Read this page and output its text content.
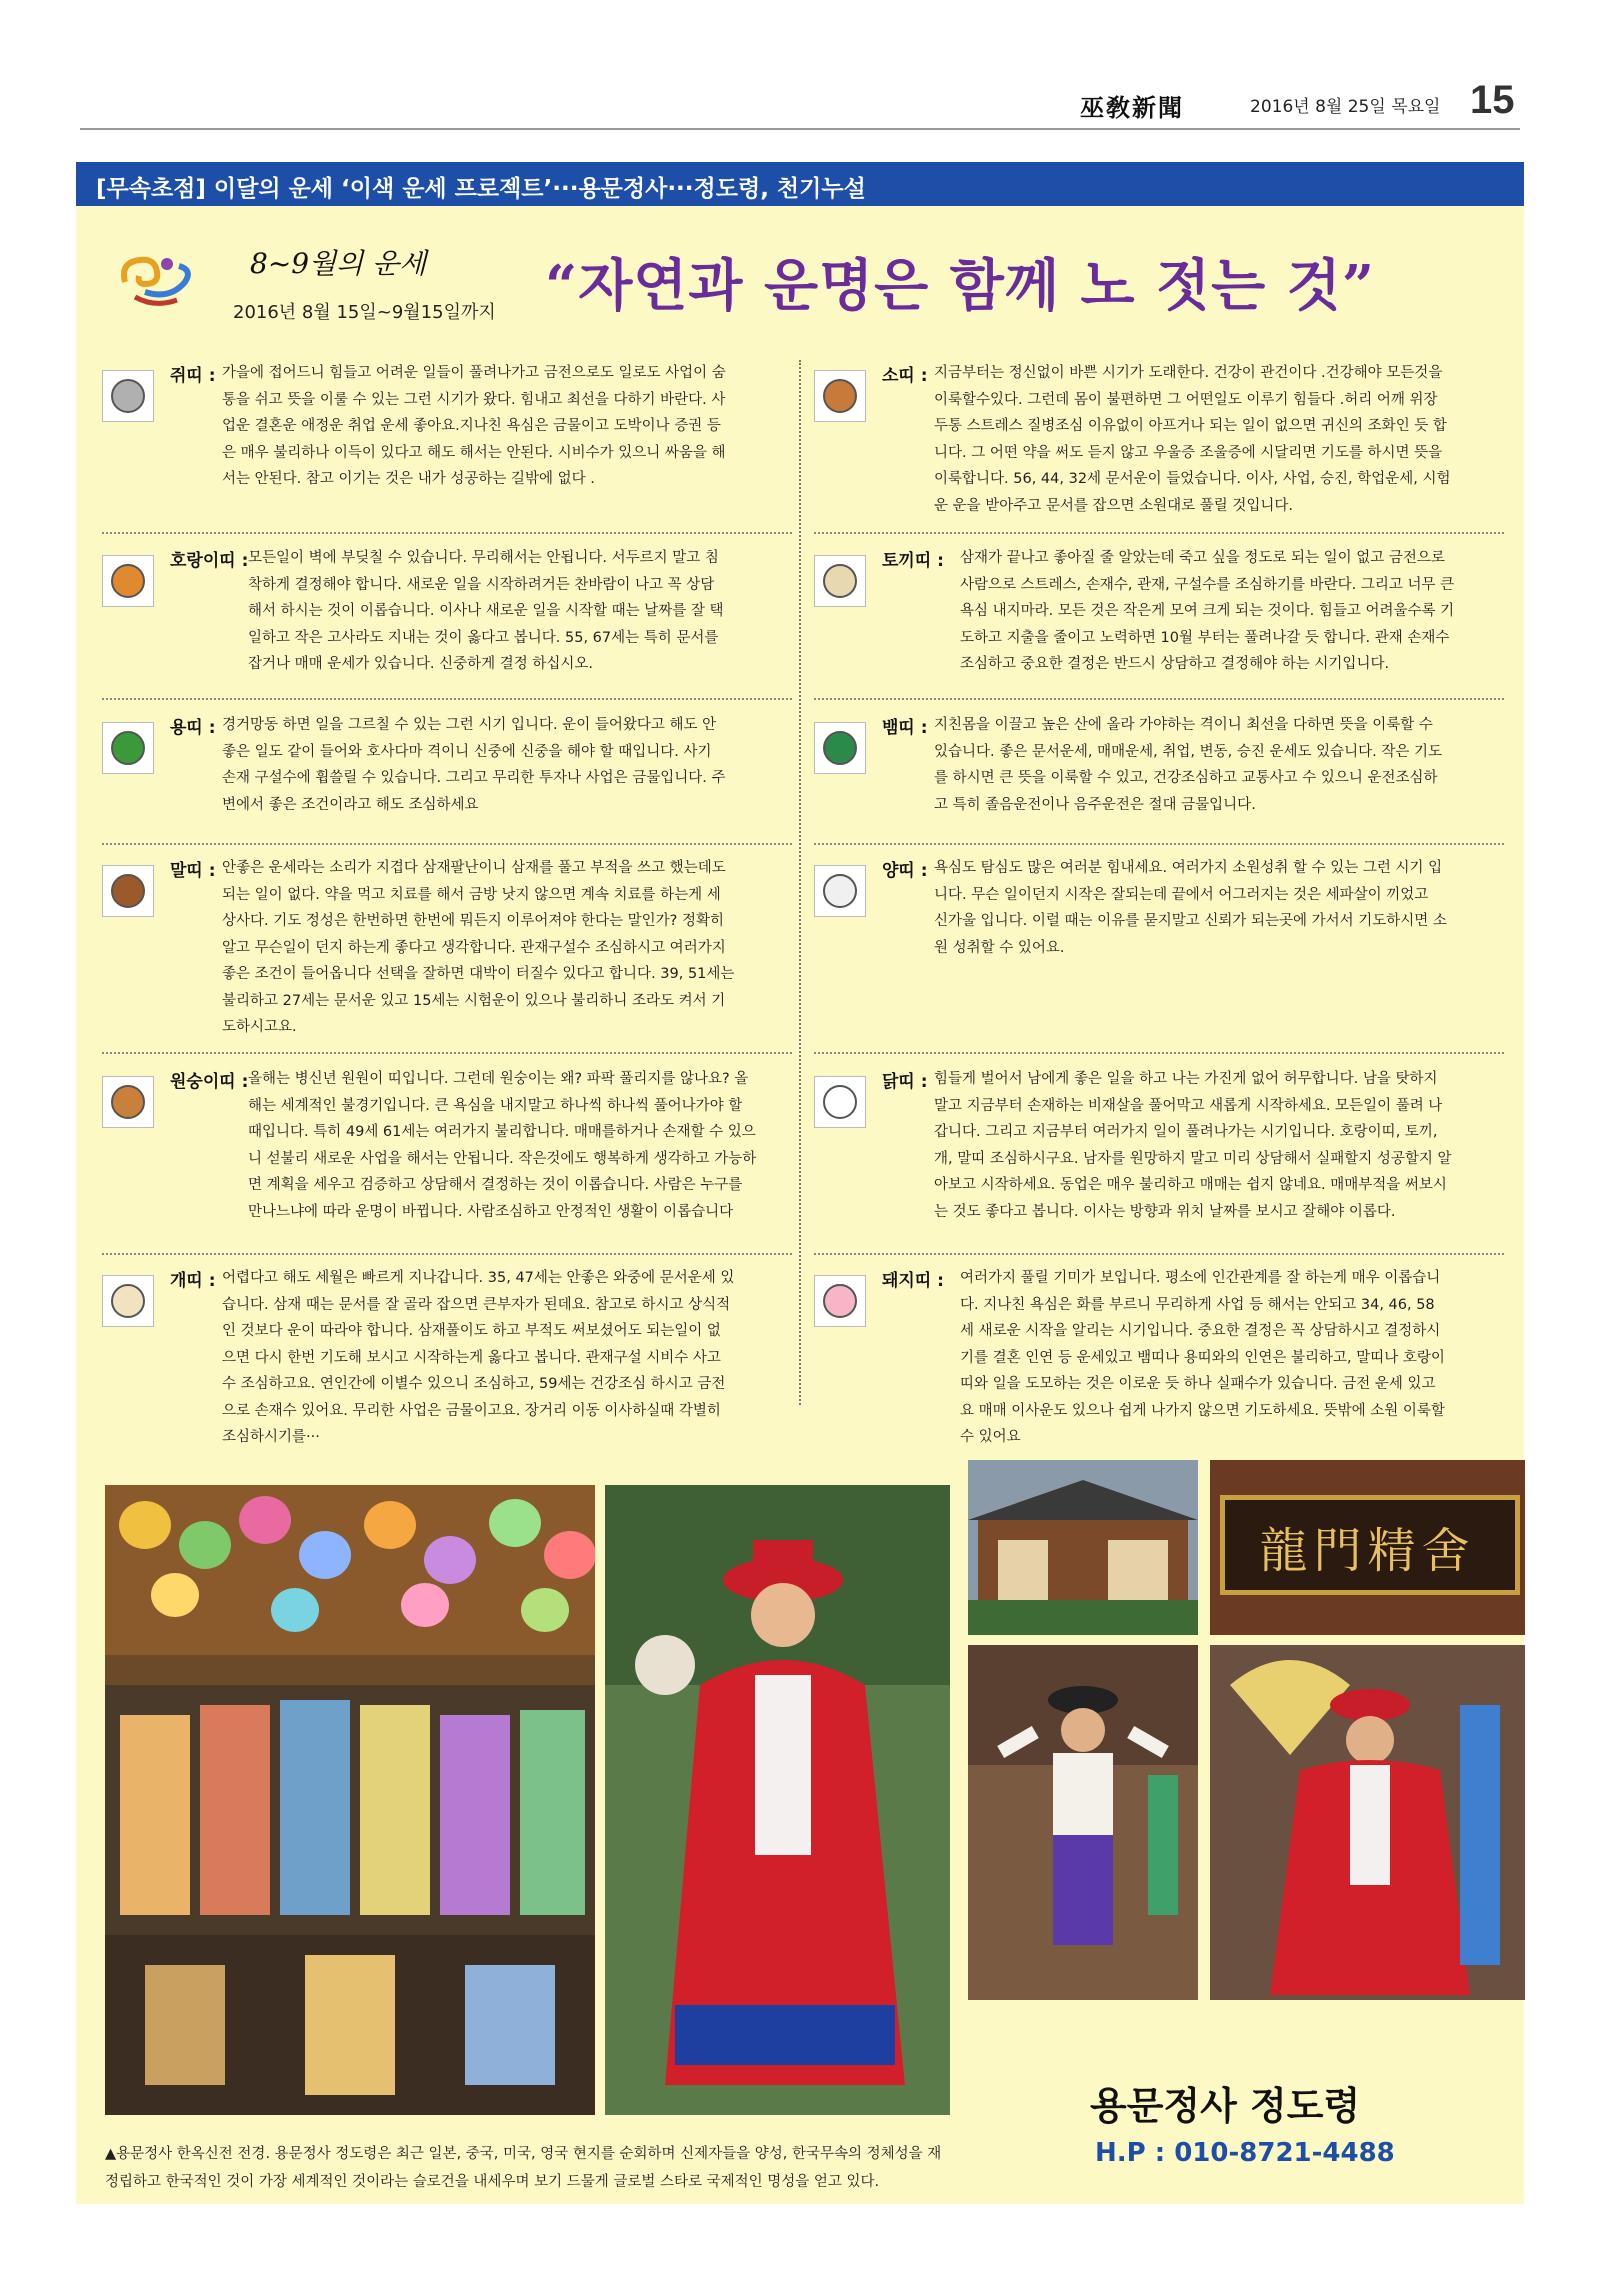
巫敎新聞	2016년 8월 25일 목요일 15
[무속초점] 이달의 운세 ‘이색 운세 프로젝트’···용문정사···정도령, 천기누설
8~9월의 운세
2016년 8월 15일~9월15일까지 “자연과 운명은 함께 노 젓는 것”
쥐띠 : 가을에 접어드니 힘들고 어려운 일들이 풀려나가고 금전으로도 일로도 사업이 숨
통을 쉬고 뜻을 이룰 수 있는 그런 시기가 왔다. 힘내고 최선을 다하기 바란다. 사
업운 결혼운 애정운 취업 운세 좋아요.지나친 욕심은 금물이고 도박이나 증권 등
은 매우 불리하나 이득이 있다고 해도 해서는 안된다. 시비수가 있으니 싸움을 해
서는 안된다. 참고 이기는 것은 내가 성공하는 길밖에 없다 .
소띠 : 지금부터는 정신없이 바쁜 시기가 도래한다. 건강이 관건이다 .건강해야 모든것을
이룩할수있다. 그런데 몸이 불편하면 그 어떤일도 이루기 힘들다 .허리 어깨 위장
두통 스트레스 질병조심 이유없이 아프거나 되는 일이 없으면 귀신의 조화인 듯 합
니다. 그 어떤 약을 써도 듣지 않고 우울증 조울증에 시달리면 기도를 하시면 뜻을
이룩합니다. 56, 44, 32세 문서운이 들었습니다. 이사, 사업, 승진, 학업운세, 시험
운 운을 받아주고 문서를 잡으면 소원대로 풀릴 것입니다.
호랑이띠 : 모든일이 벽에 부딪칠 수 있습니다. 무리해서는 안됩니다. 서두르지 말고 침
착하게 결정해야 합니다. 새로운 일을 시작하려거든 찬바람이 나고 꼭 상담
해서 하시는 것이 이롭습니다. 이사나 새로운 일을 시작할 때는 날짜를 잘 택
일하고 작은 고사라도 지내는 것이 옳다고 봅니다. 55, 67세는 특히 문서를
잡거나 매매 운세가 있습니다. 신중하게 결정 하십시오.
토끼띠 : 삼재가 끝나고 좋아질 줄 알았는데 죽고 싶을 정도로 되는 일이 없고 금전으로
사람으로 스트레스, 손재수, 관재, 구설수를 조심하기를 바란다. 그리고 너무 큰
욕심 내지마라. 모든 것은 작은게 모여 크게 되는 것이다. 힘들고 어려울수록 기
도하고 지출을 줄이고 노력하면 10월 부터는 풀려나갈 듯 합니다. 관재 손재수
조심하고 중요한 결정은 반드시 상담하고 결정해야 하는 시기입니다.
용띠 : 경거망동 하면 일을 그르칠 수 있는 그런 시기 입니다. 운이 들어왔다고 해도 안
좋은 일도 같이 들어와 호사다마 격이니 신중에 신중을 해야 할 때입니다. 사기
손재 구설수에 휩쓸릴 수 있습니다. 그리고 무리한 투자나 사업은 금물입니다. 주
변에서 좋은 조건이라고 해도 조심하세요
뱀띠 : 지친몸을 이끌고 높은 산에 올라 가야하는 격이니 최선을 다하면 뜻을 이룩할 수
있습니다. 좋은 문서운세, 매매운세, 취업, 변동, 승진 운세도 있습니다. 작은 기도
를 하시면 큰 뜻을 이룩할 수 있고, 건강조심하고 교통사고 수 있으니 운전조심하
고 특히 졸음운전이나 음주운전은 절대 금물입니다.
말띠 : 안좋은 운세라는 소리가 지겹다 삼재팔난이니 삼재를 풀고 부적을 쓰고 했는데도
되는 일이 없다. 약을 먹고 치료를 해서 금방 낫지 않으면 계속 치료를 하는게 세
상사다. 기도 정성은 한번하면 한번에 뭐든지 이루어져야 한다는 말인가? 정확히
알고 무슨일이 던지 하는게 좋다고 생각합니다. 관재구설수 조심하시고 여러가지
좋은 조건이 들어옵니다 선택을 잘하면 대박이 터질수 있다고 합니다. 39, 51세는
불리하고 27세는 문서운 있고 15세는 시험운이 있으나 불리하니 조라도 켜서 기
도하시고요.
양띠 : 욕심도 탐심도 많은 여러분 힘내세요. 여러가지 소원성취 할 수 있는 그런 시기 입
니다. 무슨 일이던지 시작은 잘되는데 끝에서 어그러지는 것은 세파살이 끼었고
신가울 입니다. 이럴 때는 이유를 묻지말고 신뢰가 되는곳에 가서서 기도하시면 소
원 성취할 수 있어요.
원숭이띠 : 올해는 병신년 원원이 띠입니다. 그런데 원숭이는 왜? 파팍 풀리지를 않나요? 올
해는 세계적인 불경기입니다. 큰 욕심을 내지말고 하나씩 하나씩 풀어나가야 할
때입니다. 특히 49세 61세는 여러가지 불리합니다. 매매를하거나 손재할 수 있으
니 섣불리 새로운 사업을 해서는 안됩니다. 작은것에도 행복하게 생각하고 가능하
면 계획을 세우고 검증하고 상담해서 결정하는 것이 이롭습니다. 사람은 누구를
만나느냐에 따라 운명이 바뀝니다. 사람조심하고 안정적인 생활이 이롭습니다
닭띠 : 힘들게 벌어서 남에게 좋은 일을 하고 나는 가진게 없어 허무합니다. 남을 탓하지
말고 지금부터 손재하는 비재살을 풀어막고 새롭게 시작하세요. 모든일이 풀려 나
갑니다. 그리고 지금부터 여러가지 일이 풀려나가는 시기입니다. 호랑이띠, 토끼,
개, 말띠 조심하시구요. 남자를 원망하지 말고 미리 상담해서 실패할지 성공할지 알
아보고 시작하세요. 동업은 매우 불리하고 매매는 쉽지 않네요. 매매부적을 써보시
는 것도 좋다고 봅니다. 이사는 방향과 위치 날짜를 보시고 잘해야 이롭다.
개띠 : 어렵다고 해도 세월은 빠르게 지나갑니다. 35, 47세는 안좋은 와중에 문서운세 있
습니다. 삼재 때는 문서를 잘 골라 잡으면 큰부자가 된데요. 참고로 하시고 상식적
인 것보다 운이 따라야 합니다. 삼재풀이도 하고 부적도 써보셨어도 되는일이 없
으면 다시 한번 기도해 보시고 시작하는게 옳다고 봅니다. 관재구설 시비수 사고
수 조심하고요. 연인간에 이별수 있으니 조심하고, 59세는 건강조심 하시고 금전
으로 손재수 있어요. 무리한 사업은 금물이고요. 장거리 이동 이사하실때 각별히
조심하시기를···
돼지띠 : 여러가지 풀릴 기미가 보입니다. 평소에 인간관계를 잘 하는게 매우 이롭습니
다. 지나친 욕심은 화를 부르니 무리하게 사업 등 해서는 안되고 34, 46, 58
세 새로운 시작을 알리는 시기입니다. 중요한 결정은 꼭 상담하시고 결정하시
기를 결혼 인연 등 운세있고 뱀띠나 용띠와의 인연은 불리하고, 말띠나 호랑이
띠와 일을 도모하는 것은 이로운 듯 하나 실패수가 있습니다. 금전 운세 있고
요 매매 이사운도 있으나 쉽게 나가지 않으면 기도하세요. 뜻밖에 소원 이룩할
수 있어요
龍門精舍
▲용문정사 한옥신전 전경. 용문정사 정도령은 최근 일본, 중국, 미국, 영국 현지를 순회하며 신제자들을 양성, 한국무속의 정체성을 재
정립하고 한국적인 것이 가장 세계적인 것이라는 슬로건을 내세우며 보기 드물게 글로벌 스타로 국제적인 명성을 얻고 있다.
용문정사 정도령
H.P : 010-8721-4488
